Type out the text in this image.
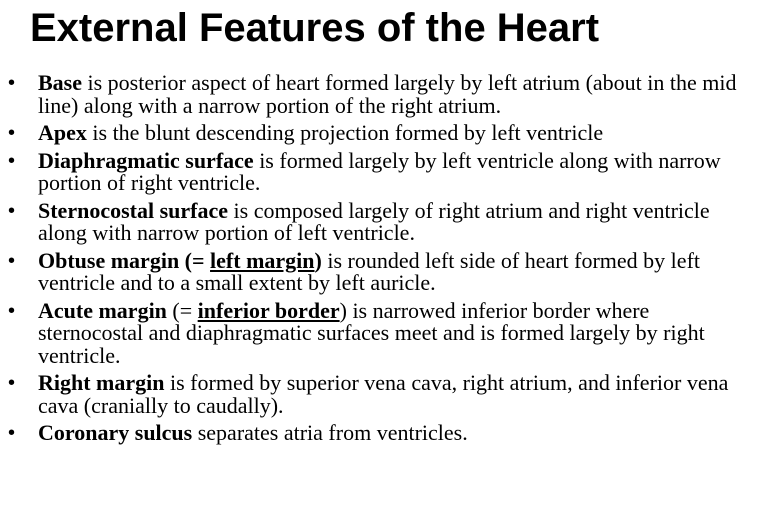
External Features of the Heart
•	Base is posterior aspect of heart formed largely by left atrium (about in the mid line) along with a narrow portion of the right atrium.
•	Apex is the blunt descending projection formed by left ventricle
•	Diaphragmatic surface is formed largely by left ventricle along with narrow portion of right ventricle.
•	Sternocostal surface is composed largely of right atrium and right ventricle along with narrow portion of left ventricle.
•	Obtuse margin (= left margin) is rounded left side of heart formed by left ventricle and to a small extent by left auricle.
•	Acute margin (= inferior border) is narrowed inferior border where sternocostal and diaphragmatic surfaces meet and is formed largely by right ventricle.
•	Right margin is formed by superior vena cava, right atrium, and inferior vena cava (cranially to caudally).
•	Coronary sulcus separates atria from ventricles.
